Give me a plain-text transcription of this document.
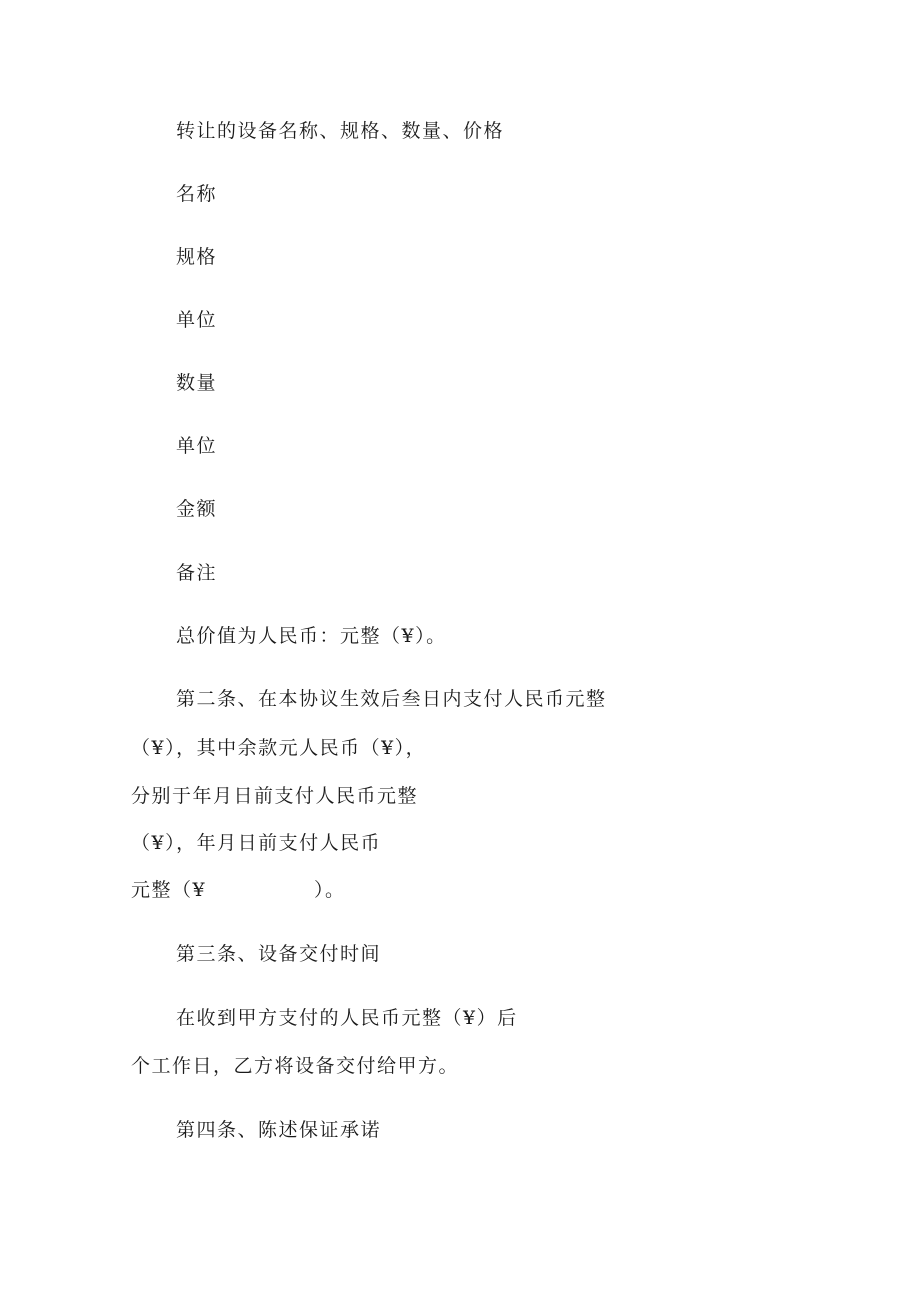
转让的设备名称、规格、数量、价格
名称
规格
单位
数量
单位
金额
备注
总价值为人民币：元整（¥）。
第二条、在本协议生效后叁日内支付人民币元整
（¥），其中余款元人民币（¥），
分别于年月日前支付人民币元整
（¥），年月日前支付人民币
元整（¥	）。
第三条、设备交付时间
在收到甲方支付的人民币元整（¥）后
个工作日，乙方将设备交付给甲方。
第四条、陈述保证承诺
